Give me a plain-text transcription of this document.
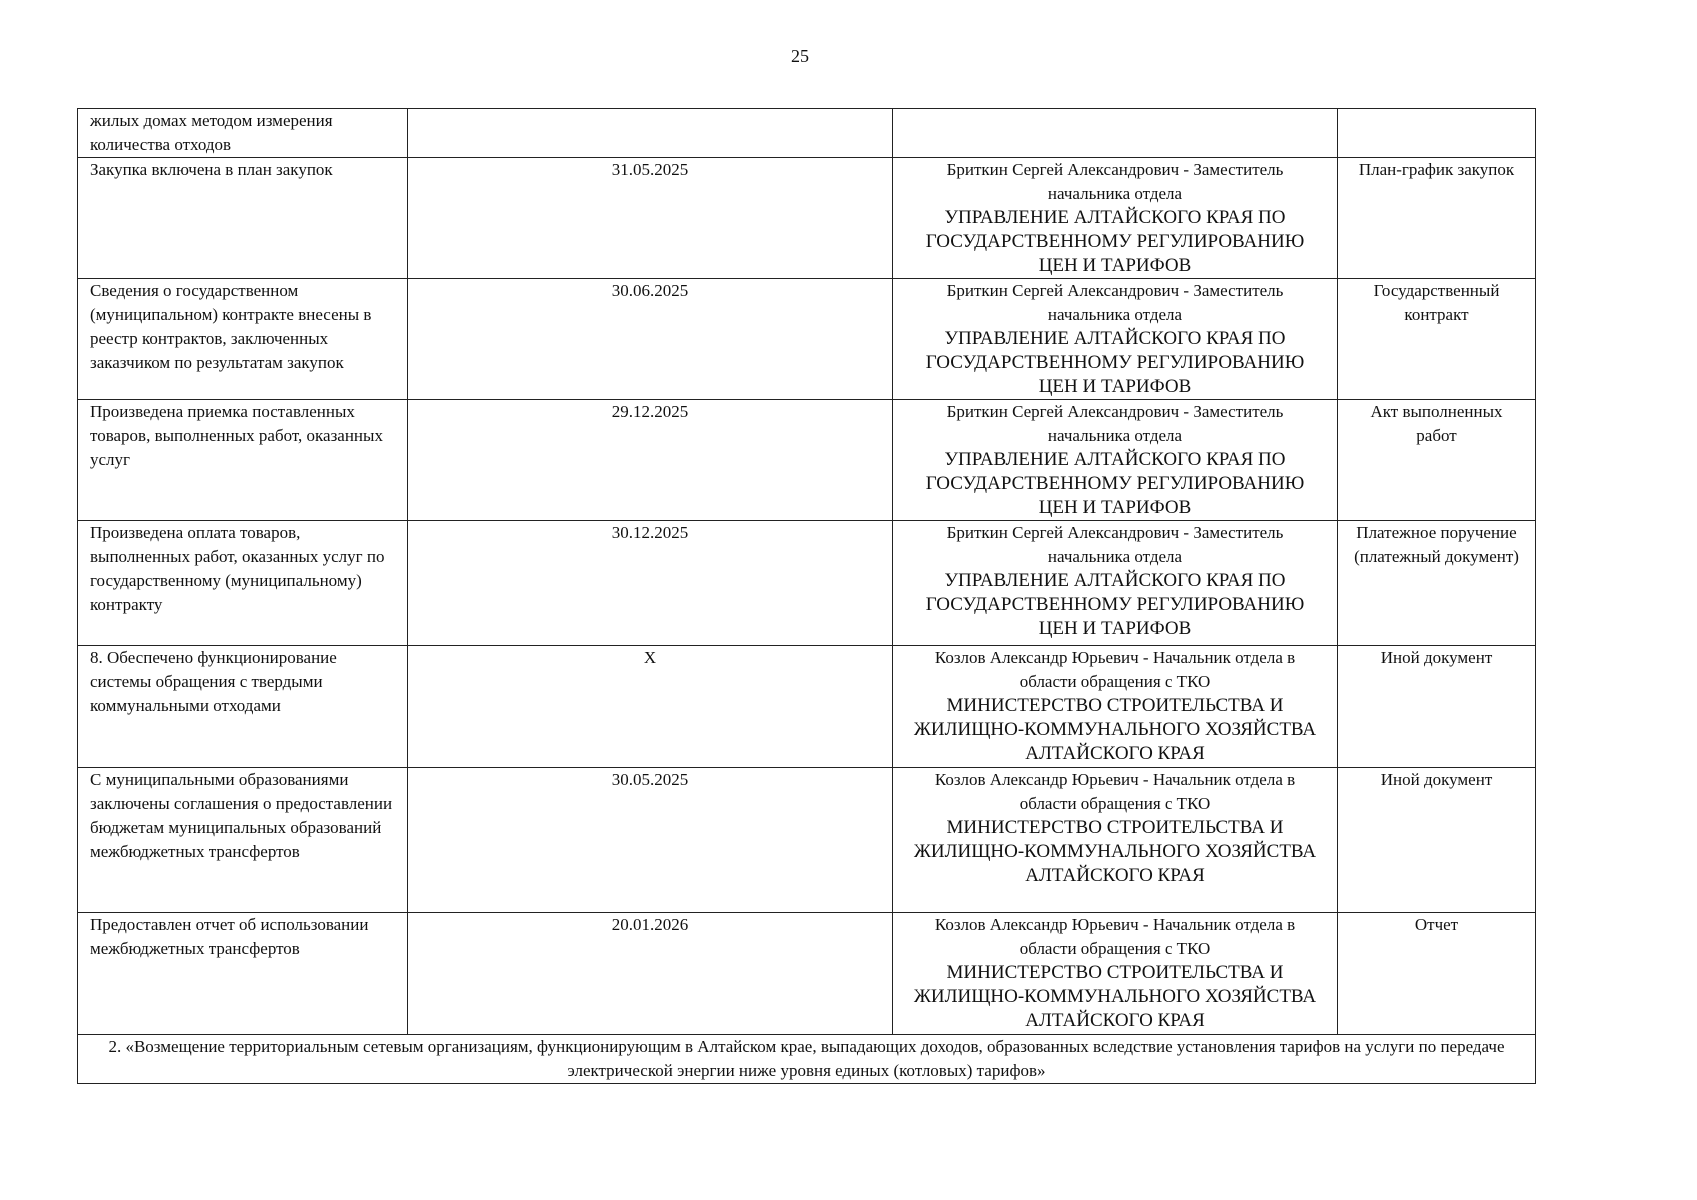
25
жилых домах методом измерения количества отходов		

Закупка включена в план закупок	31.05.2025	Бриткин Сергей Александрович - Заместитель начальника отдела
УПРАВЛЕНИЕ АЛТАЙСКОГО КРАЯ ПО ГОСУДАРСТВЕННОМУ РЕГУЛИРОВАНИЮ ЦЕН И ТАРИФОВ	План-график закупок
Сведения о государственном (муниципальном) контракте внесены в реестр контрактов, заключенных заказчиком по результатам закупок	30.06.2025	Бриткин Сергей Александрович - Заместитель начальника отдела
УПРАВЛЕНИЕ АЛТАЙСКОГО КРАЯ ПО ГОСУДАРСТВЕННОМУ РЕГУЛИРОВАНИЮ ЦЕН И ТАРИФОВ	Государственный контракт
Произведена приемка поставленных товаров, выполненных работ, оказанных услуг	29.12.2025	Бриткин Сергей Александрович - Заместитель начальника отдела
УПРАВЛЕНИЕ АЛТАЙСКОГО КРАЯ ПО ГОСУДАРСТВЕННОМУ РЕГУЛИРОВАНИЮ ЦЕН И ТАРИФОВ	Акт выполненных работ
Произведена оплата товаров, выполненных работ, оказанных услуг по государственному (муниципальному) контракту	30.12.2025	Бриткин Сергей Александрович - Заместитель начальника отдела
УПРАВЛЕНИЕ АЛТАЙСКОГО КРАЯ ПО ГОСУДАРСТВЕННОМУ РЕГУЛИРОВАНИЮ ЦЕН И ТАРИФОВ	Платежное поручение (платежный документ)
8. Обеспечено функционирование системы обращения с твердыми коммунальными отходами	X	Козлов Александр Юрьевич - Начальник отдела в области обращения с ТКО
МИНИСТЕРСТВО СТРОИТЕЛЬСТВА И ЖИЛИЩНО-КОММУНАЛЬНОГО ХОЗЯЙСТВА АЛТАЙСКОГО КРАЯ	Иной документ
С муниципальными образованиями заключены соглашения о предоставлении бюджетам муниципальных образований межбюджетных трансфертов	30.05.2025	Козлов Александр Юрьевич - Начальник отдела в области обращения с ТКО
МИНИСТЕРСТВО СТРОИТЕЛЬСТВА И ЖИЛИЩНО-КОММУНАЛЬНОГО ХОЗЯЙСТВА АЛТАЙСКОГО КРАЯ	Иной документ
Предоставлен отчет об использовании межбюджетных трансфертов	20.01.2026	Козлов Александр Юрьевич - Начальник отдела в области обращения с ТКО
МИНИСТЕРСТВО СТРОИТЕЛЬСТВА И ЖИЛИЩНО-КОММУНАЛЬНОГО ХОЗЯЙСТВА АЛТАЙСКОГО КРАЯ	Отчет
2. «Возмещение территориальным сетевым организациям, функционирующим в Алтайском крае, выпадающих доходов, образованных вследствие установления тарифов на услуги по передаче электрической энергии ниже уровня единых (котловых) тарифов»			
